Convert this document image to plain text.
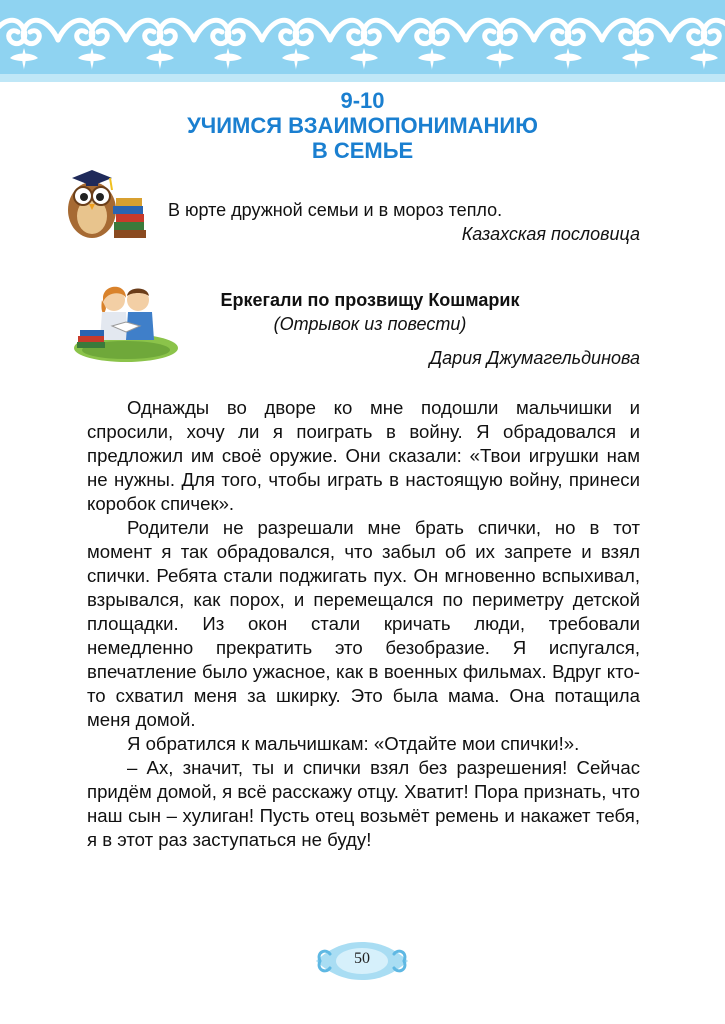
9-10
УЧИМСЯ ВЗАИМОПОНИМАНИЮ
В СЕМЬЕ
В юрте дружной семьи и в мороз тепло.
Казахская пословица
Еркегали по прозвищу Кошмарик
(Отрывок из повести)
Дария Джумагельдинова

Однажды во дворе ко мне подошли мальчишки и спросили, хочу ли я поиграть в войну. Я обрадовался и предложил им своё оружие. Они сказали: «Твои игрушки нам не нужны. Для того, чтобы играть в настоящую войну, принеси коробок спичек».

Родители не разрешали мне брать спички, но в тот момент я так обрадовался, что забыл об их запрете и взял спички. Ребята стали поджигать пух. Он мгновенно вспыхивал, взрывался, как порох, и перемещался по периметру детской площадки. Из окон стали кричать люди, требовали немедленно прекратить это безобразие. Я испугался, впечатление было ужасное, как в военных фильмах. Вдруг кто-то схватил меня за шкирку. Это была мама. Она потащила меня домой.

Я обратился к мальчишкам: «Отдайте мои спички!».

– Ах, значит, ты и спички взял без разрешения! Сейчас придём домой, я всё расскажу отцу. Хватит! Пора признать, что наш сын – хулиган! Пусть отец возьмёт ремень и накажет тебя, я в этот раз заступаться не буду!

50
